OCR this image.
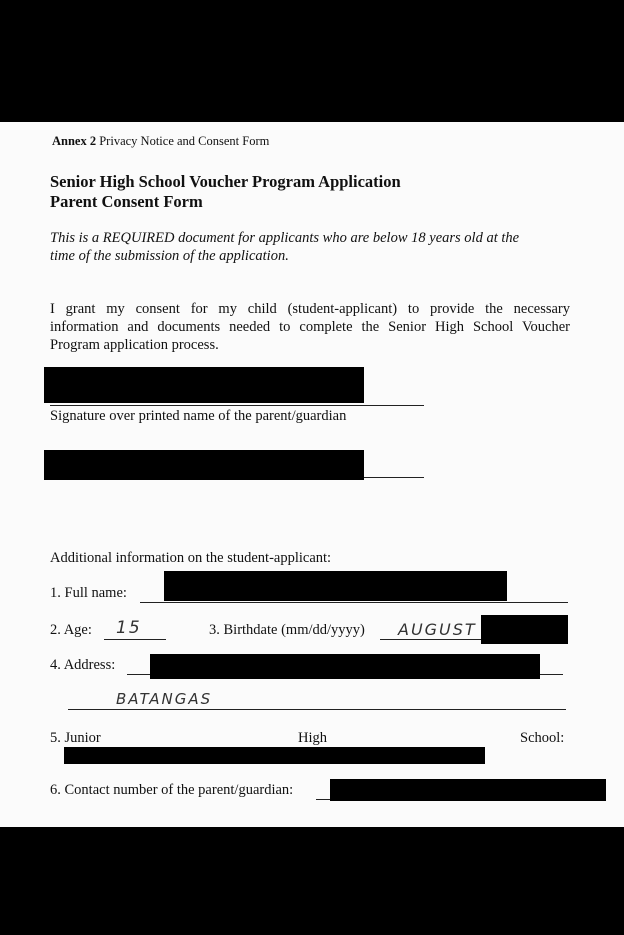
Annex 2 Privacy Notice and Consent Form
Senior High School Voucher Program Application
Parent Consent Form
This is a REQUIRED document for applicants who are below 18 years old at the
time of the submission of the application.
I grant my consent for my child (student-applicant) to provide the necessary
information and documents needed to complete the Senior High School Voucher
Program application process.
Signature over printed name of the parent/guardian
Additional information on the student-applicant:
1. Full name:
2. Age: 15	3. Birthdate (mm/dd/yyyy) AUGUST
4. Address:
BATANGAS
5. Junior	High	School:
6. Contact number of the parent/guardian:
